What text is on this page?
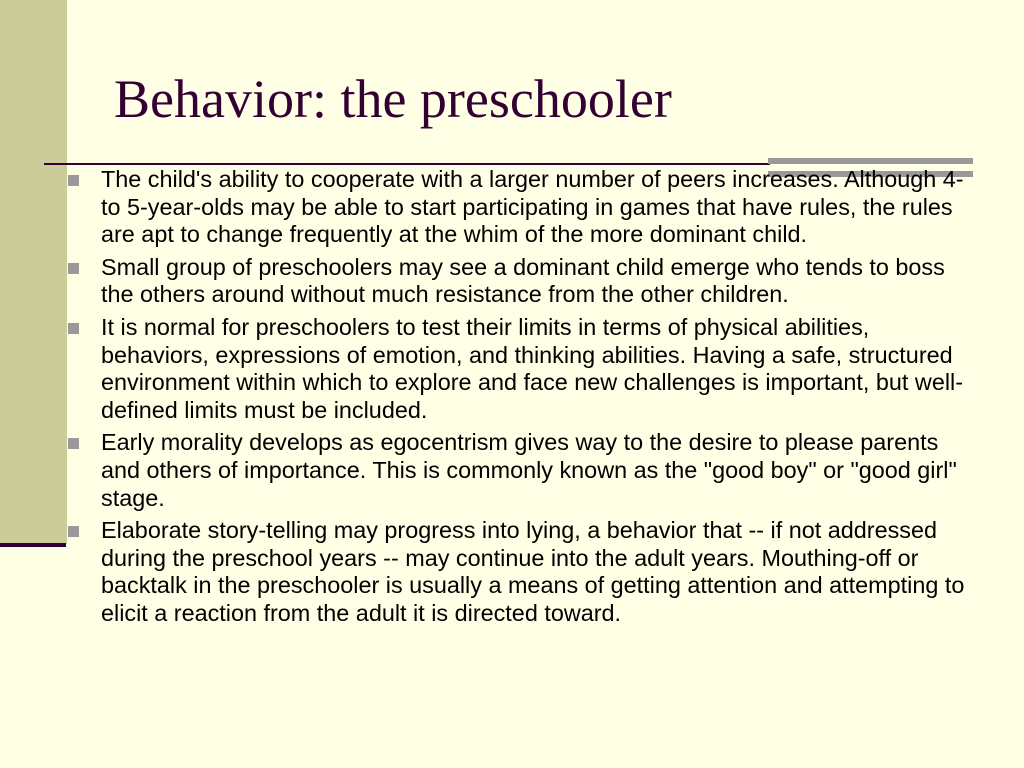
Behavior: the preschooler
The child's ability to cooperate with a larger number of peers increases. Although 4- to 5-year-olds may be able to start participating in games that have rules, the rules are apt to change frequently at the whim of the more dominant child.
Small group of preschoolers may see a dominant child emerge who tends to boss the others around without much resistance from the other children.
It is normal for preschoolers to test their limits in terms of physical abilities, behaviors, expressions of emotion, and thinking abilities. Having a safe, structured environment within which to explore and face new challenges is important, but well-defined limits must be included.
Early morality develops as egocentrism gives way to the desire to please parents and others of importance. This is commonly known as the "good boy" or "good girl" stage.
Elaborate story-telling may progress into lying, a behavior that -- if not addressed during the preschool years -- may continue into the adult years. Mouthing-off or backtalk in the preschooler is usually a means of getting attention and attempting to elicit a reaction from the adult it is directed toward.
